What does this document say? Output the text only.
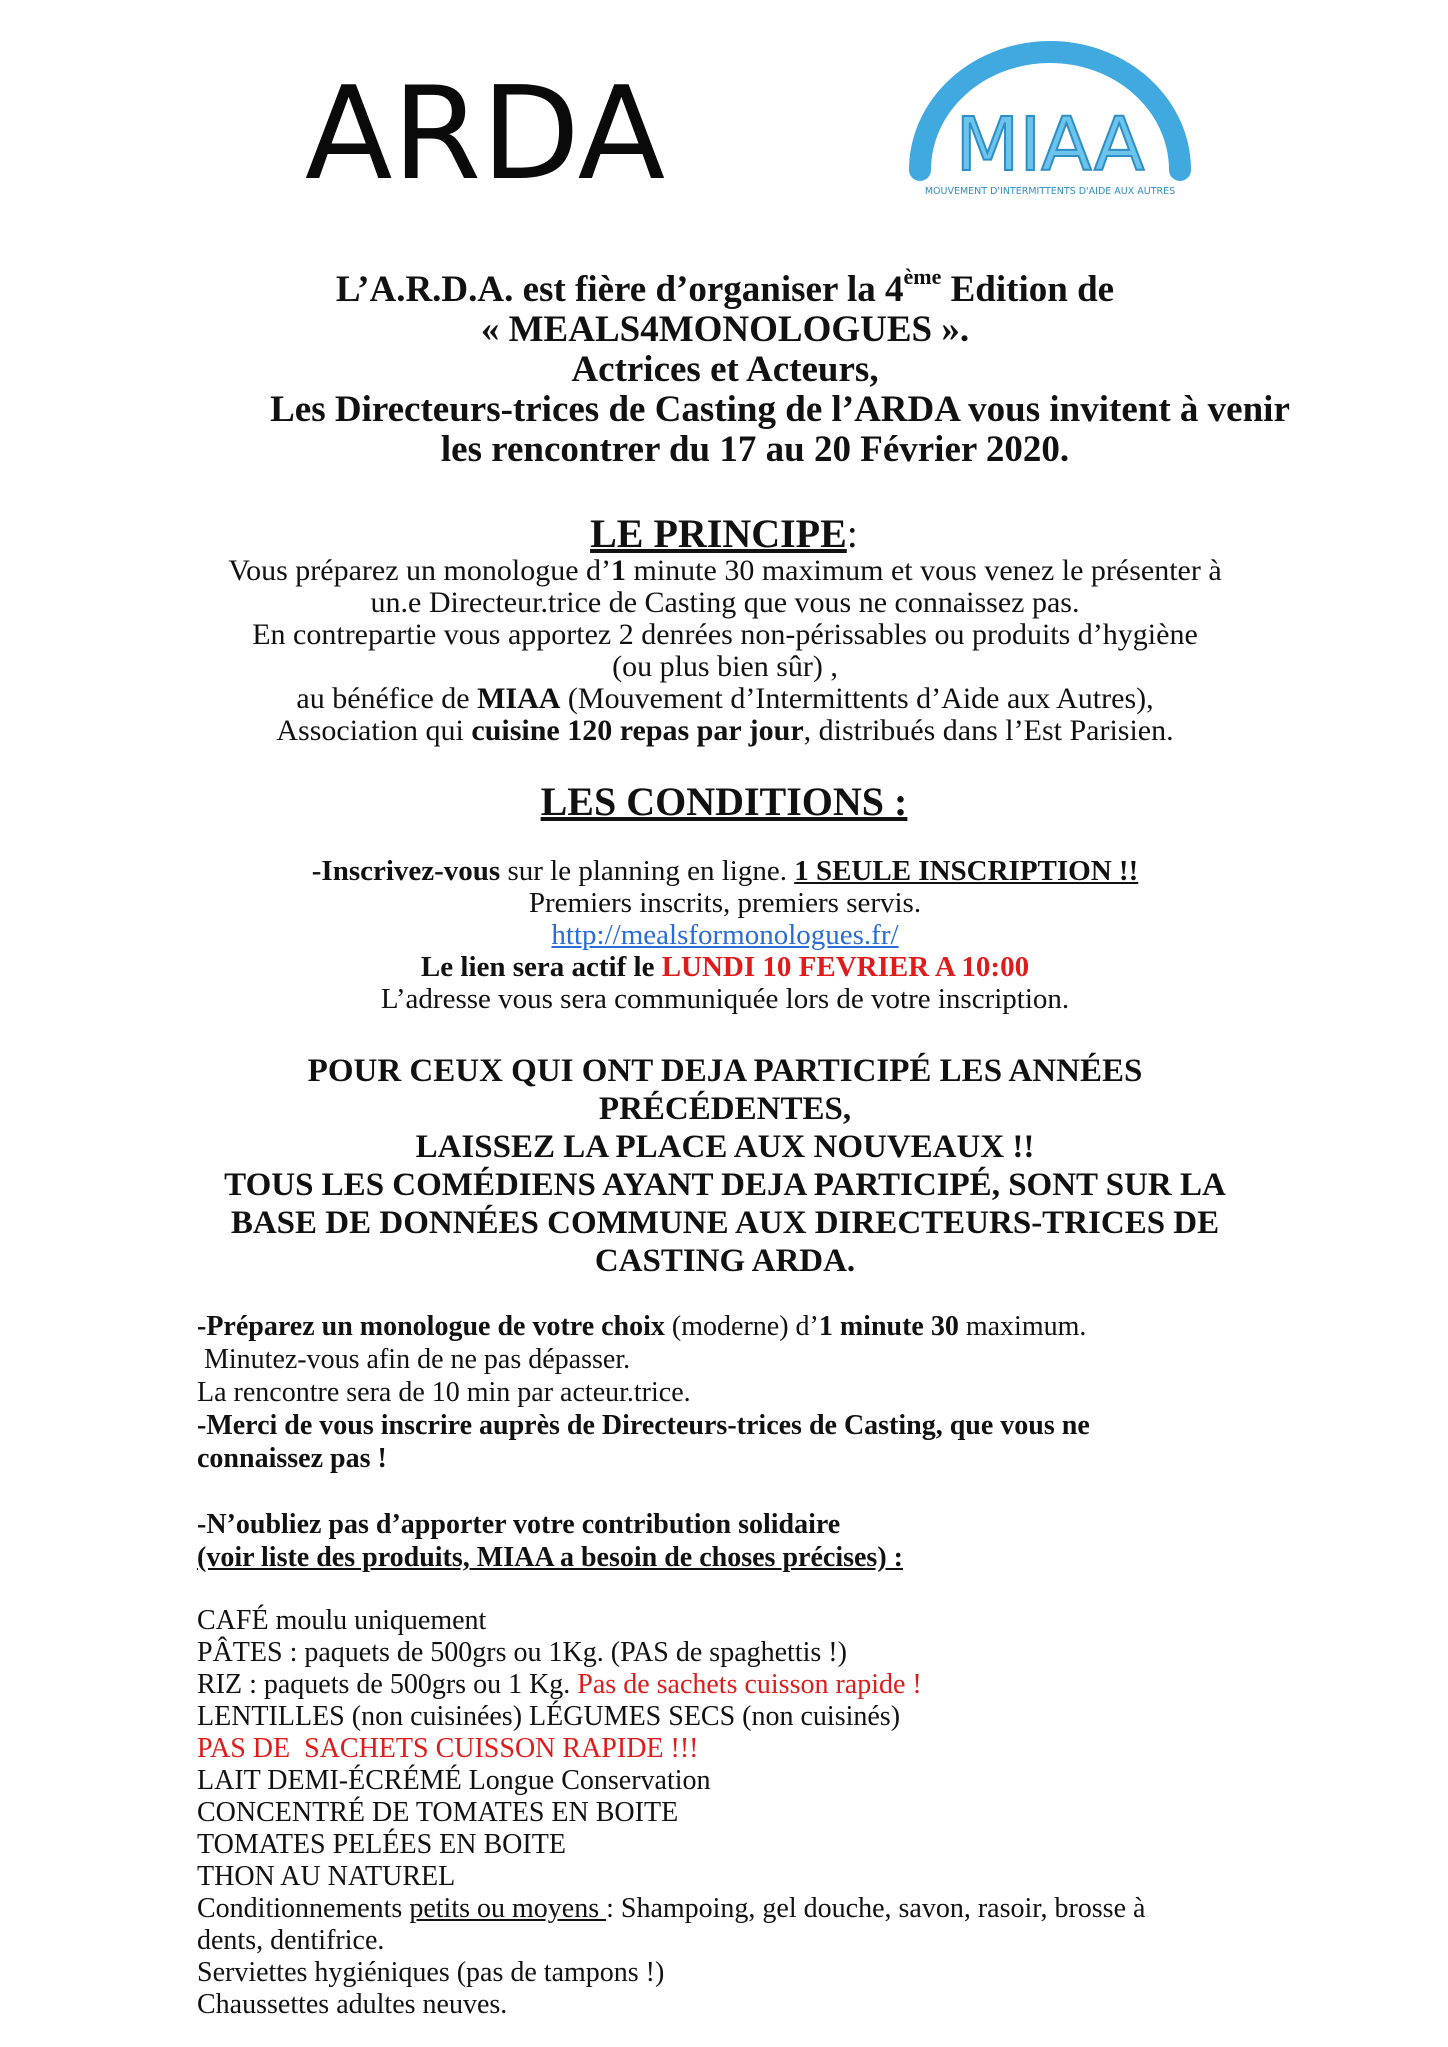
ARDA	MIAA
MOUVEMENT D'INTERMITTENTS D'AIDE AUX AUTRES
L’A.R.D.A. est fière d’organiser la 4ème Edition de
« MEALS4MONOLOGUES ».
Actrices et Acteurs,
Les Directeurs-trices de Casting de l’ARDA vous invitent à venir
les rencontrer du 17 au 20 Février 2020.
LE PRINCIPE:
Vous préparez un monologue d’1 minute 30 maximum et vous venez le présenter à
un.e Directeur.trice de Casting que vous ne connaissez pas.
En contrepartie vous apportez 2 denrées non-périssables ou produits d’hygiène
(ou plus bien sûr) ,
au bénéfice de MIAA (Mouvement d’Intermittents d’Aide aux Autres),
Association qui cuisine 120 repas par jour, distribués dans l’Est Parisien.
LES CONDITIONS :
-Inscrivez-vous sur le planning en ligne. 1 SEULE INSCRIPTION !!
Premiers inscrits, premiers servis.
http://mealsformonologues.fr/
Le lien sera actif le LUNDI 10 FEVRIER A 10:00
L’adresse vous sera communiquée lors de votre inscription.
POUR CEUX QUI ONT DEJA PARTICIPÉ LES ANNÉES
PRÉCÉDENTES,
LAISSEZ LA PLACE AUX NOUVEAUX !!
TOUS LES COMÉDIENS AYANT DEJA PARTICIPÉ, SONT SUR LA
BASE DE DONNÉES COMMUNE AUX DIRECTEURS-TRICES DE
CASTING ARDA.

-Préparez un monologue de votre choix (moderne) d’1 minute 30 maximum.

Minutez-vous afin de ne pas dépasser.

La rencontre sera de 10 min par acteur.trice.

-Merci de vous inscrire auprès de Directeurs-trices de Casting, que vous ne

connaissez pas !

-N’oubliez pas d’apporter votre contribution solidaire

(voir liste des produits, MIAA a besoin de choses précises) :

CAFÉ moulu uniquement
PÂTES : paquets de 500grs ou 1Kg. (PAS de spaghettis !)
RIZ : paquets de 500grs ou 1 Kg. Pas de sachets cuisson rapide !
LENTILLES (non cuisinées) LÉGUMES SECS (non cuisinés)
PAS DE  SACHETS CUISSON RAPIDE !!!
LAIT DEMI-ÉCRÉMÉ Longue Conservation
CONCENTRÉ DE TOMATES EN BOITE
TOMATES PELÉES EN BOITE
THON AU NATUREL
Conditionnements petits ou moyens : Shampoing, gel douche, savon, rasoir, brosse à
dents, dentifrice.
Serviettes hygiéniques (pas de tampons !)
Chaussettes adultes neuves.
